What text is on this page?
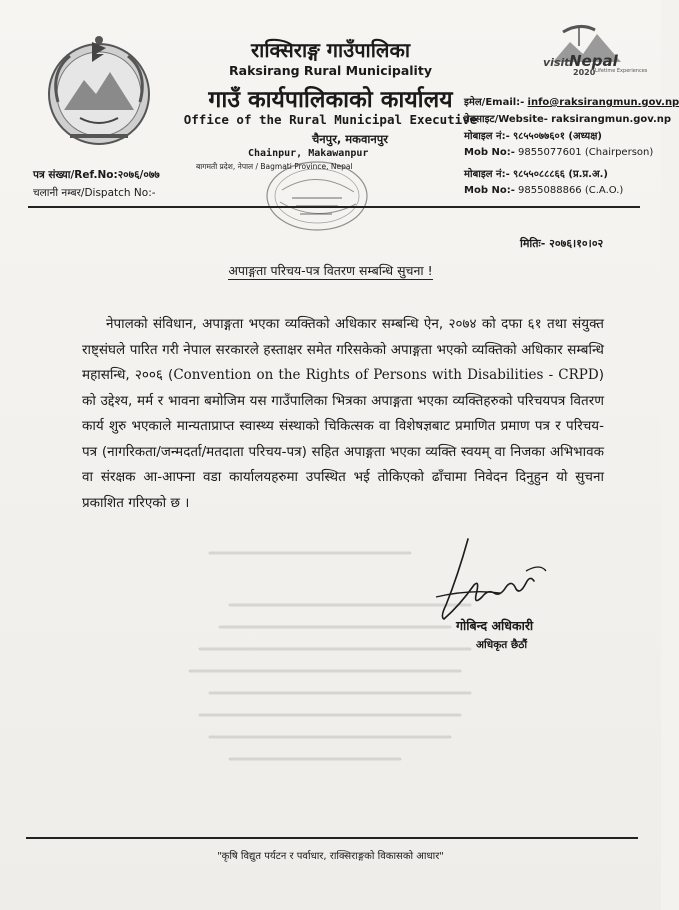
visit Nepal
2020 Lifetime Experiences
राक्सिराङ्ग गाउँपालिका
Raksirang Rural Municipality
गाउँ कार्यपालिकाको कार्यालय
Office of the Rural Municipal Executive
चैनपुर, मकवानपुर
Chainpur, Makawanpur
बागमती प्रदेश, नेपाल / Bagmati Province, Nepal
इमेल/Email:- info@raksirangmun.gov.np
वेबसाइट/Website- raksirangmun.gov.np
मोबाइल नं:- ९८५५०७७६०१ (अध्यक्ष)
Mob No:- 9855077601 (Chairperson)
मोबाइल नं:- ९८५५०८८८६६ (प्र.प्र.अ.)
Mob No:- 9855088866 (C.A.O.)
पत्र संख्या/Ref.No:२०७६/०७७
चलानी नम्बर/Dispatch No:-
मितिः- २०७६।१०।०२
अपाङ्गता परिचय-पत्र वितरण सम्बन्धि सुचना !
नेपालको संविधान, अपाङ्गता भएका व्यक्तिको अधिकार सम्बन्धि ऐन, २०७४ को दफा ६१ तथा संयुक्त राष्ट्संघले पारित गरी नेपाल सरकारले हस्ताक्षर समेत गरिसकेको अपाङ्गता भएको व्यक्तिको अधिकार सम्बन्धि महासन्धि, २००६ (Convention on the Rights of Persons with Disabilities - CRPD) को उद्देश्य, मर्म र भावना बमोजिम यस गाउँपालिका भित्रका अपाङ्गता भएका व्यक्तिहरुको परिचयपत्र वितरण कार्य शुरु भएकाले मान्यताप्राप्त स्वास्थ्य संस्थाको चिकित्सक वा विशेषज्ञबाट प्रमाणित प्रमाण पत्र र परिचय-पत्र (नागरिकता/जन्मदर्ता/मतदाता परिचय-पत्र) सहित अपाङ्गता भएका व्यक्ति स्वयम् वा निजका अभिभावक वा संरक्षक आ-आफ्ना वडा कार्यालयहरुमा उपस्थित भई तोकिएको ढाँचामा निवेदन दिनुहुन यो सुचना प्रकाशित गरिएको छ ।
गोबिन्द अधिकारी
अधिकृत छैठौं
"कृषि विद्युत पर्यटन र पर्वाधार, राक्सिराङ्गको विकासको आधार"
